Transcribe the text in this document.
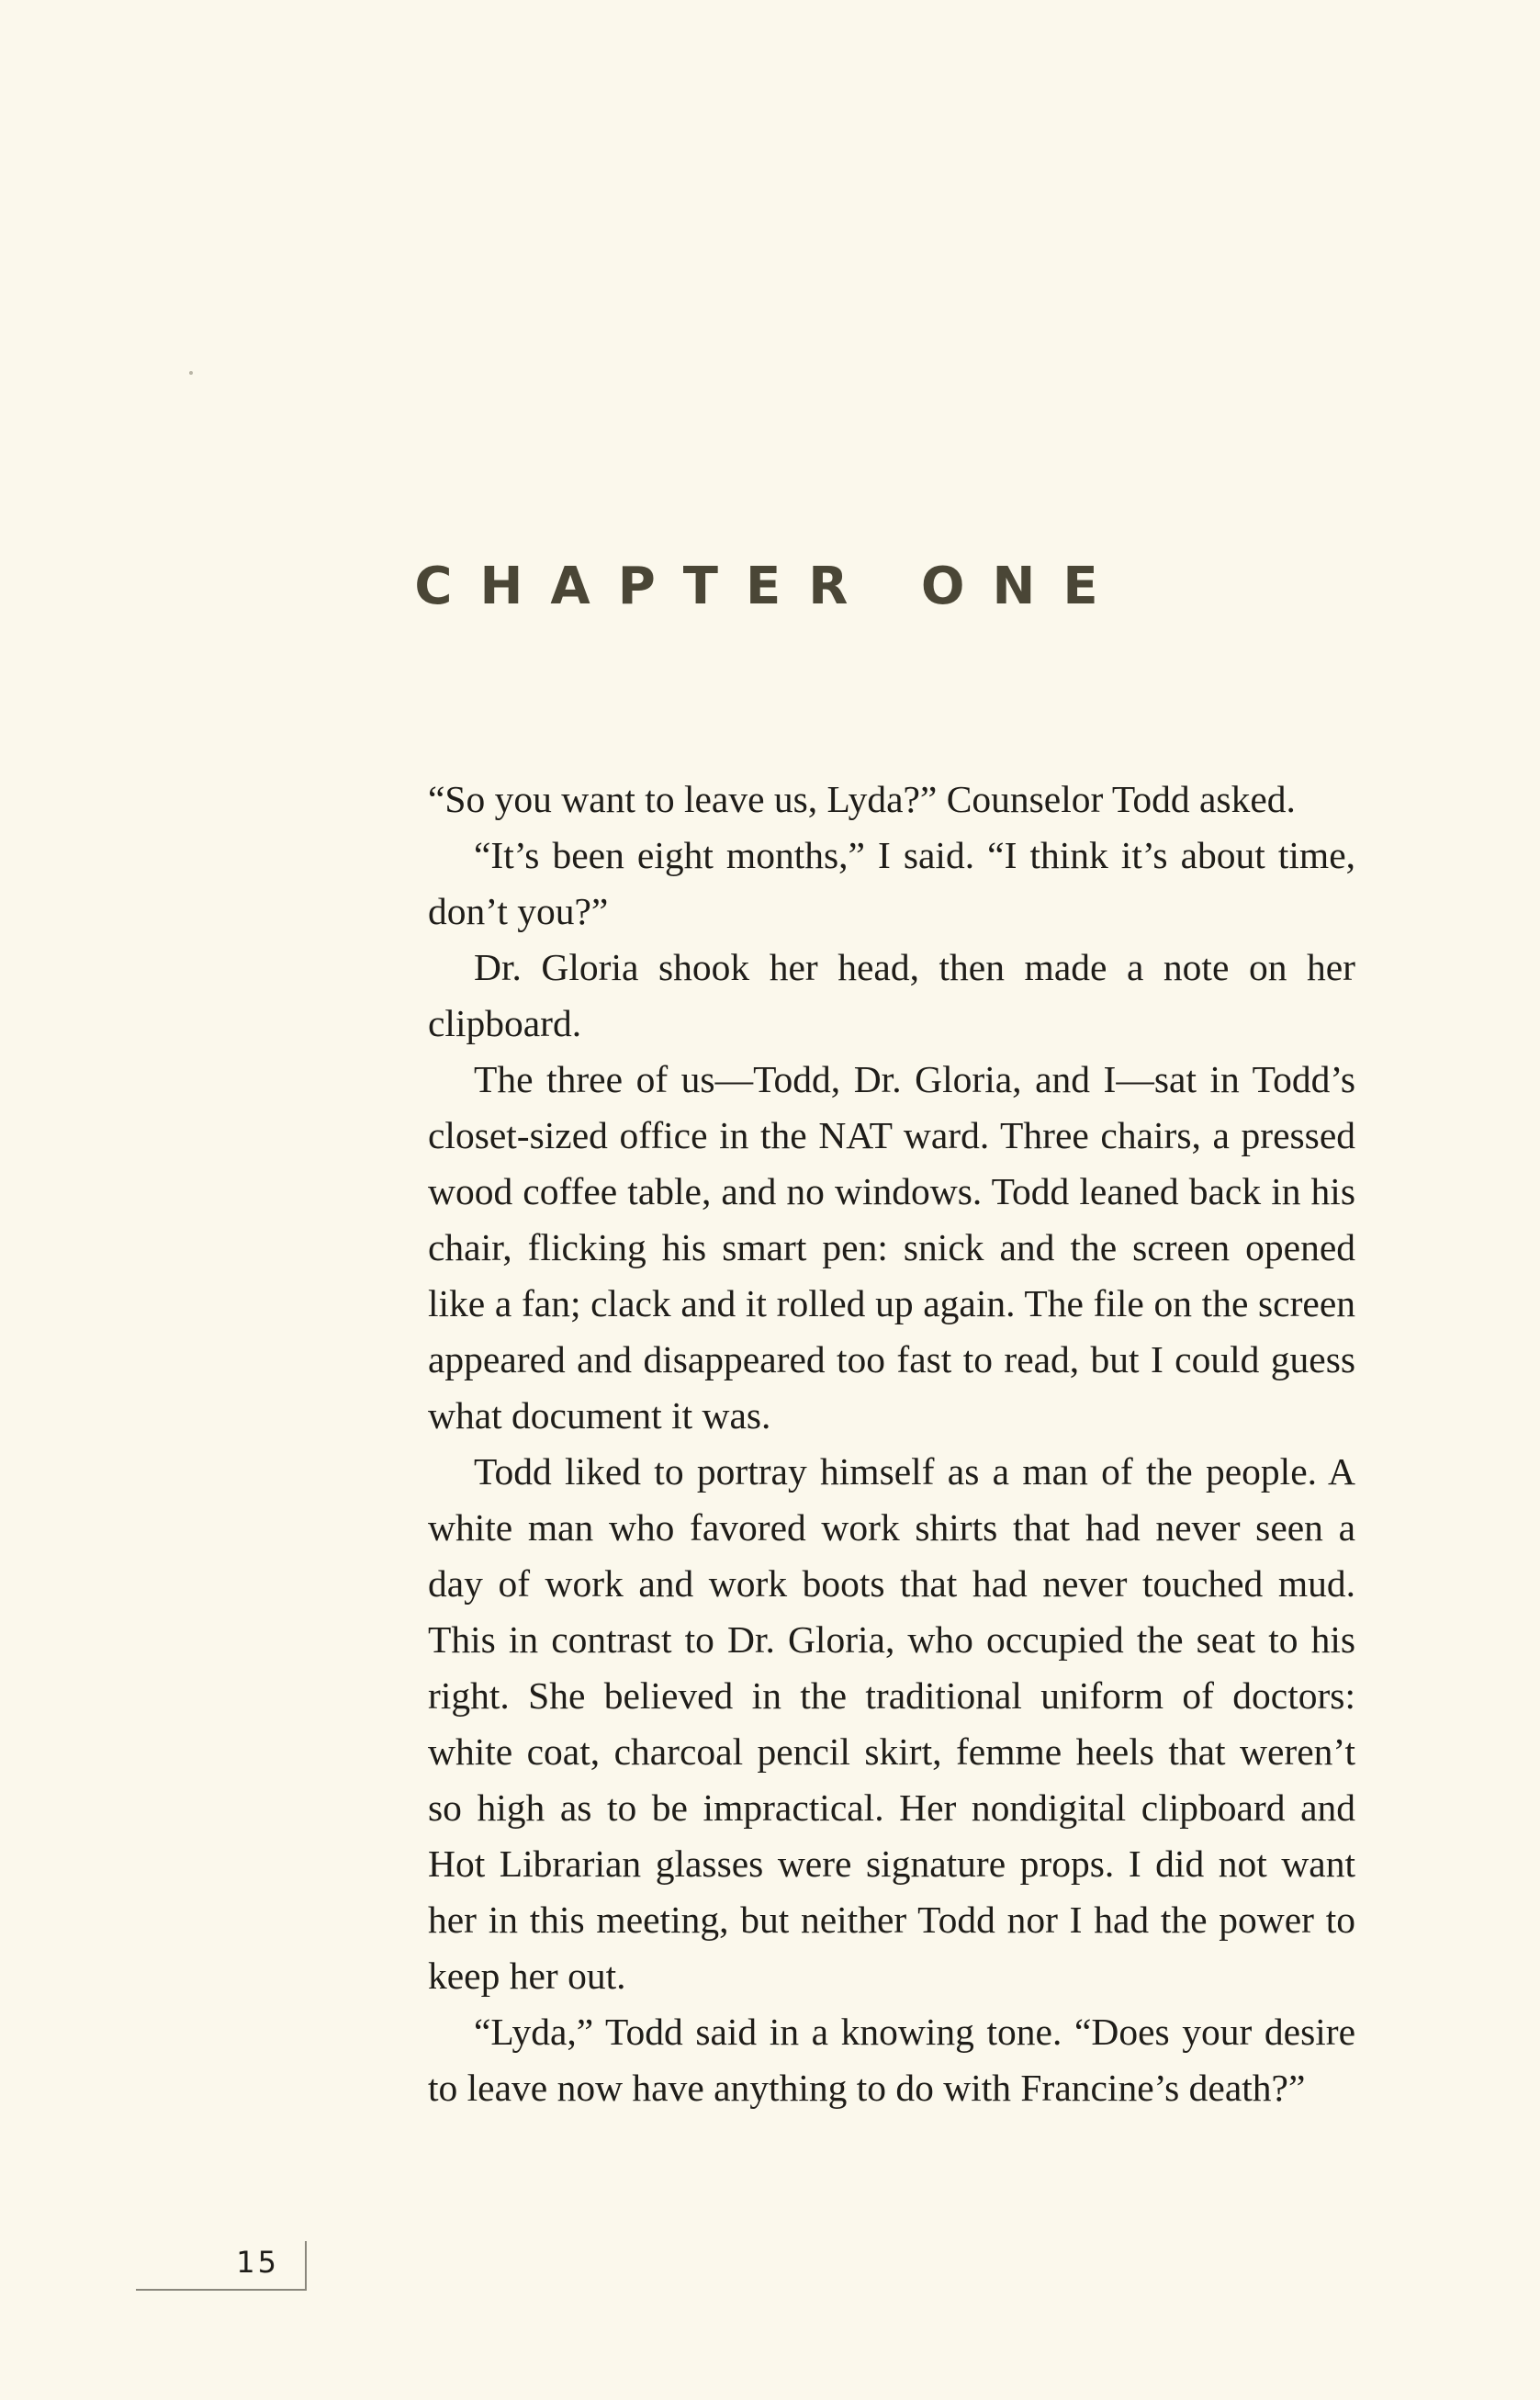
CHAPTER ONE

“So you want to leave us, Lyda?” Counselor Todd asked.

“It’s been eight months,” I said. “I think it’s about time, don’t you?”

Dr. Gloria shook her head, then made a note on her clipboard.

The three of us—Todd, Dr. Gloria, and I—sat in Todd’s closet-sized office in the NAT ward. Three chairs, a pressed wood coffee table, and no windows. Todd leaned back in his chair, flicking his smart pen: snick and the screen opened like a fan; clack and it rolled up again. The file on the screen appeared and disappeared too fast to read, but I could guess what document it was.

Todd liked to portray himself as a man of the people. A white man who favored work shirts that had never seen a day of work and work boots that had never touched mud. This in contrast to Dr. Gloria, who occupied the seat to his right. She believed in the traditional uniform of doctors: white coat, charcoal pencil skirt, femme heels that weren’t so high as to be impractical. Her nondigital clipboard and Hot Librarian glasses were signature props. I did not want her in this meeting, but neither Todd nor I had the power to keep her out.

“Lyda,” Todd said in a knowing tone. “Does your desire to leave now have anything to do with Francine’s death?”

15
